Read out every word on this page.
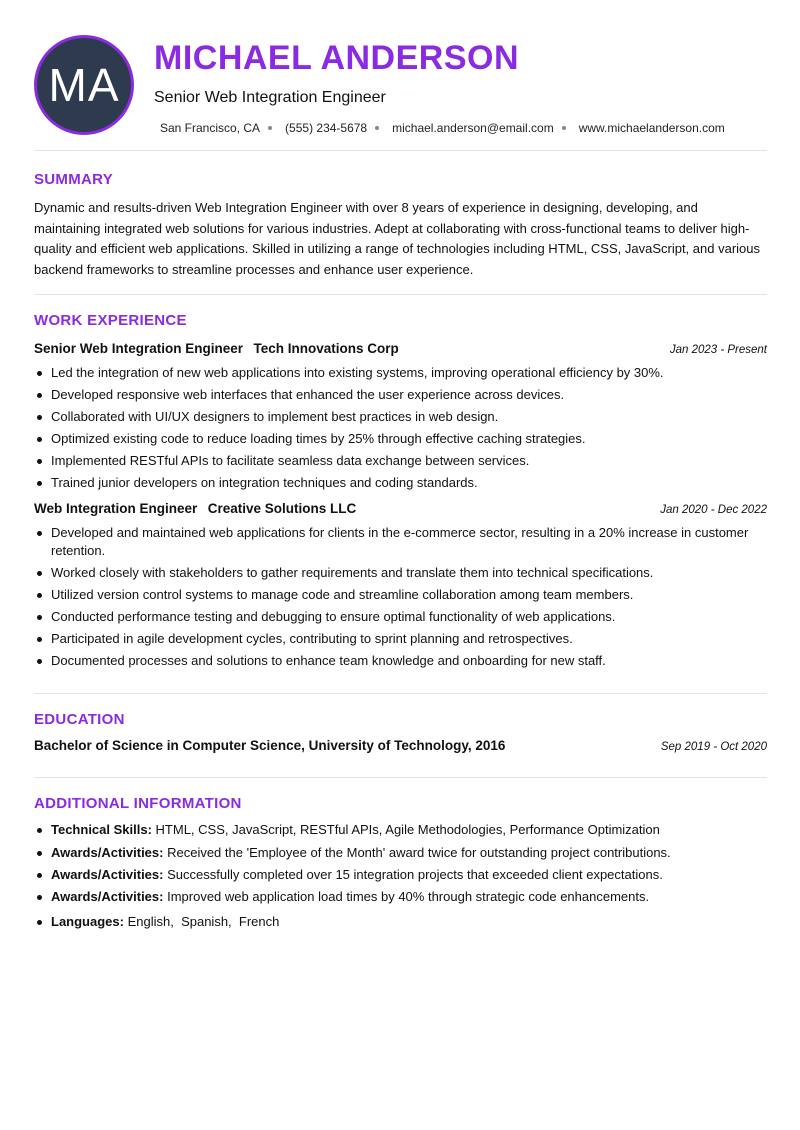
MA
MICHAEL ANDERSON
Senior Web Integration Engineer
San Francisco, CA (555) 234-5678 michael.anderson@email.com www.michaelanderson.com
SUMMARY

Dynamic and results-driven Web Integration Engineer with over 8 years of experience in designing, developing, and maintaining integrated web solutions for various industries. Adept at collaborating with cross-functional teams to deliver high-quality and efficient web applications. Skilled in utilizing a range of technologies including HTML, CSS, JavaScript, and various backend frameworks to streamline processes and enhance user experience.

WORK EXPERIENCE
Senior Web Integration Engineer Tech Innovations Corp	Jan 2023 - Present
Led the integration of new web applications into existing systems, improving operational efficiency by 30%.
Developed responsive web interfaces that enhanced the user experience across devices.
Collaborated with UI/UX designers to implement best practices in web design.
Optimized existing code to reduce loading times by 25% through effective caching strategies.
Implemented RESTful APIs to facilitate seamless data exchange between services.
Trained junior developers on integration techniques and coding standards.
Web Integration Engineer Creative Solutions LLC	Jan 2020 - Dec 2022
Developed and maintained web applications for clients in the e-commerce sector, resulting in a 20% increase in customer retention.
Worked closely with stakeholders to gather requirements and translate them into technical specifications.
Utilized version control systems to manage code and streamline collaboration among team members.
Conducted performance testing and debugging to ensure optimal functionality of web applications.
Participated in agile development cycles, contributing to sprint planning and retrospectives.
Documented processes and solutions to enhance team knowledge and onboarding for new staff.
EDUCATION
Bachelor of Science in Computer Science, University of Technology, 2016	Sep 2019 - Oct 2020
ADDITIONAL INFORMATION
Technical Skills: HTML, CSS, JavaScript, RESTful APIs, Agile Methodologies, Performance Optimization
Awards/Activities: Received the 'Employee of the Month' award twice for outstanding project contributions.
Awards/Activities: Successfully completed over 15 integration projects that exceeded client expectations.
Awards/Activities: Improved web application load times by 40% through strategic code enhancements.
Languages: English,  Spanish,  French
